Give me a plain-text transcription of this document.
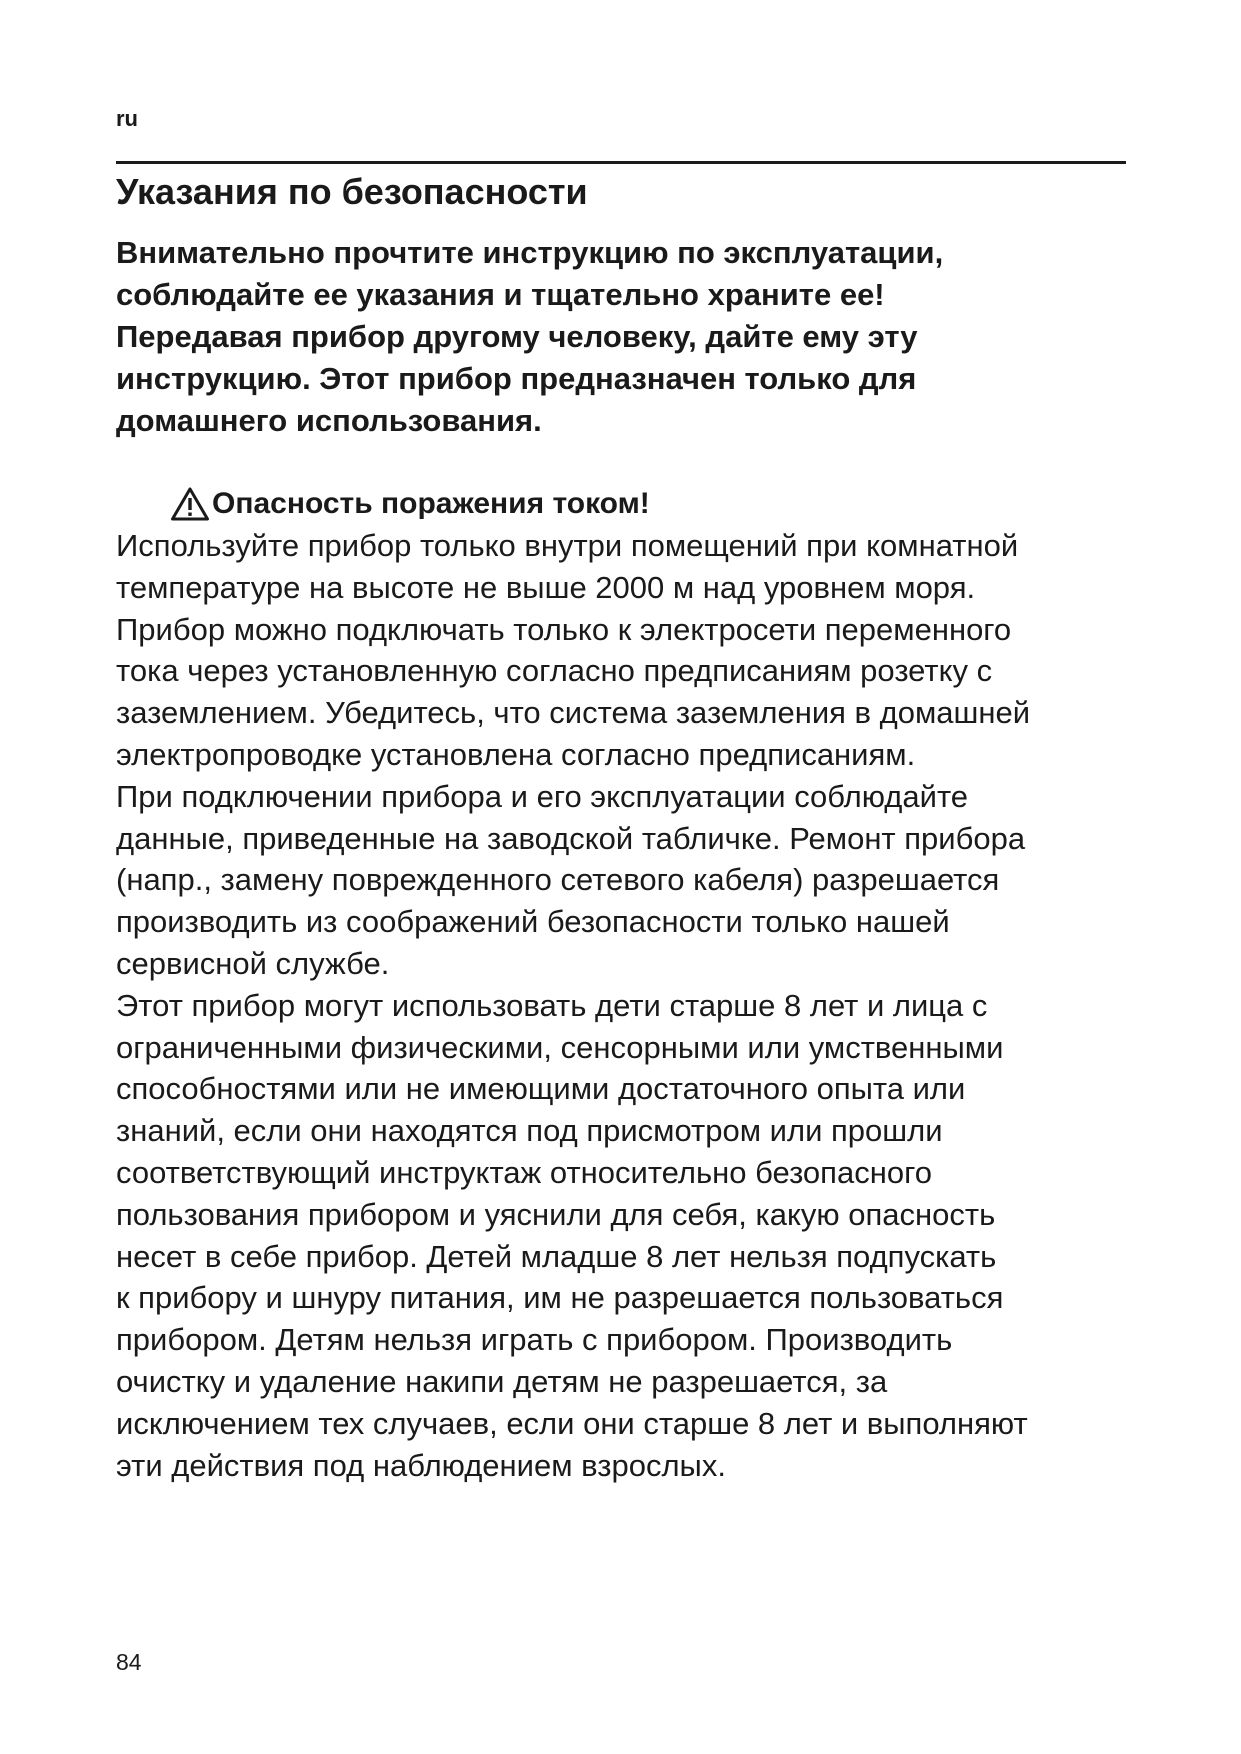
ru
Указания по безопасности

Внимательно прочтите инструкцию по эксплуатации,
соблюдайте ее указания и тщательно храните ее!
Передавая прибор другому человеку, дайте ему эту
инструкцию. Этот прибор предназначен только для
домашнего использования.

Опасность поражения током!

Используйте прибор только внутри помещений при комнатной
температуре на высоте не выше 2000 м над уровнем моря.
Прибор можно подключать только к электросети переменного
тока через установленную согласно предписаниям розетку с
заземлением. Убедитесь, что система заземления в домашней
электропроводке установлена согласно предписаниям.
При подключении прибора и его эксплуатации соблюдайте
данные, приведенные на заводской табличке. Ремонт прибора
(напр., замену поврежденного сетевого кабеля) разрешается
производить из соображений безопасности только нашей
сервисной службе.
Этот прибор могут использовать дети старше 8 лет и лица с
ограниченными физическими, сенсорными или умственными
способностями или не имеющими достаточного опыта или
знаний, если они находятся под присмотром или прошли
соответствующий инструктаж относительно безопасного
пользования прибором и уяснили для себя, какую опасность
несет в себе прибор. Детей младше 8 лет нельзя подпускать
к прибору и шнуру питания, им не разрешается пользоваться
прибором. Детям нельзя играть с прибором. Производить
очистку и удаление накипи детям не разрешается, за
исключением тех случаев, если они старше 8 лет и выполняют
эти действия под наблюдением взрослых.

84
